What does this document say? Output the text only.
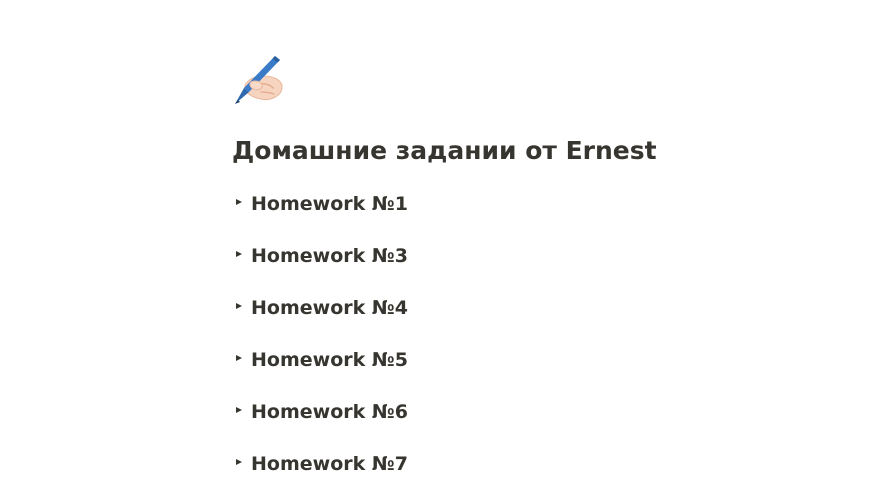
Домашние задании от Ernest
Homework №1
Homework №3
Homework №4
Homework №5
Homework №6
Homework №7
